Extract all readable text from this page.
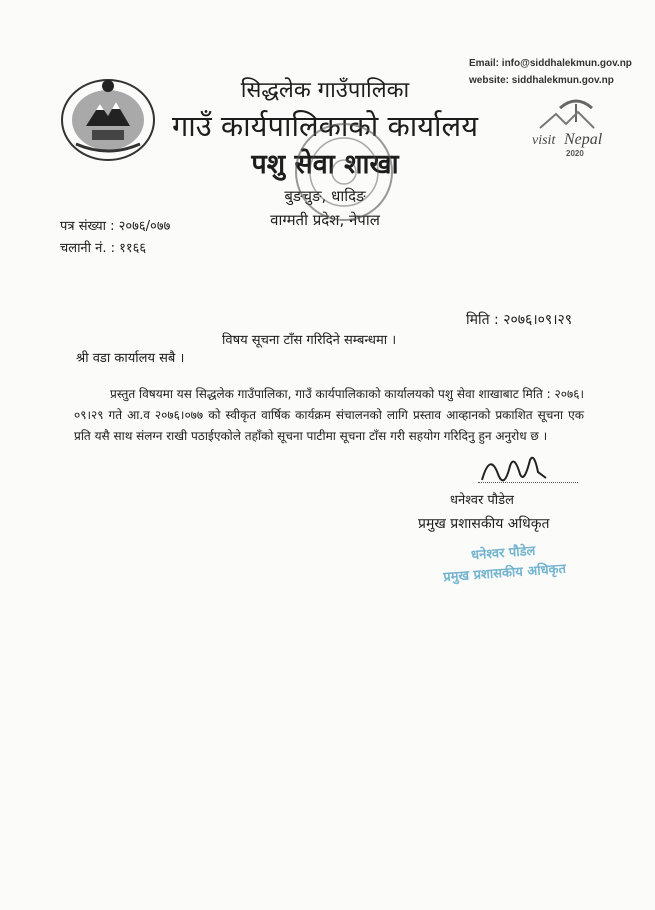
सिद्धलेक गाउँपालिका

गाउँ कार्यपालिकाको कार्यालय

पशु सेवा शाखा

बुङचुङ, धादिङ

वाग्मती प्रदेश, नेपाल

Email: info@siddhalekmun.gov.np
website: siddhalekmun.gov.np
visit Nepal
2020
पत्र संख्या : २०७६/०७७
चलानी नं. : ११६६
मिति : २०७६।०९।२९
विषय सूचना टाँस गरिदिने सम्बन्धमा ।
श्री वडा कार्यालय सबै ।

प्रस्तुत विषयमा यस सिद्धलेक गाउँपालिका, गाउँ कार्यपालिकाको कार्यालयको पशु सेवा शाखाबाट मिति : २०७६।०९।२९ गते आ.व २०७६।०७७ को स्वीकृत वार्षिक कार्यक्रम संचालनको लागि प्रस्ताव आव्हानको प्रकाशित सूचना एक प्रति यसै साथ संलग्न राखी पठाईएकोले तहाँको सूचना पाटीमा सूचना टाँस गरी सहयोग गरिदिनु हुन अनुरोध छ ।

धनेश्वर पौडेल
प्रमुख प्रशासकीय अधिकृत
धनेश्वर पौडेल
प्रमुख प्रशासकीय अधिकृत
